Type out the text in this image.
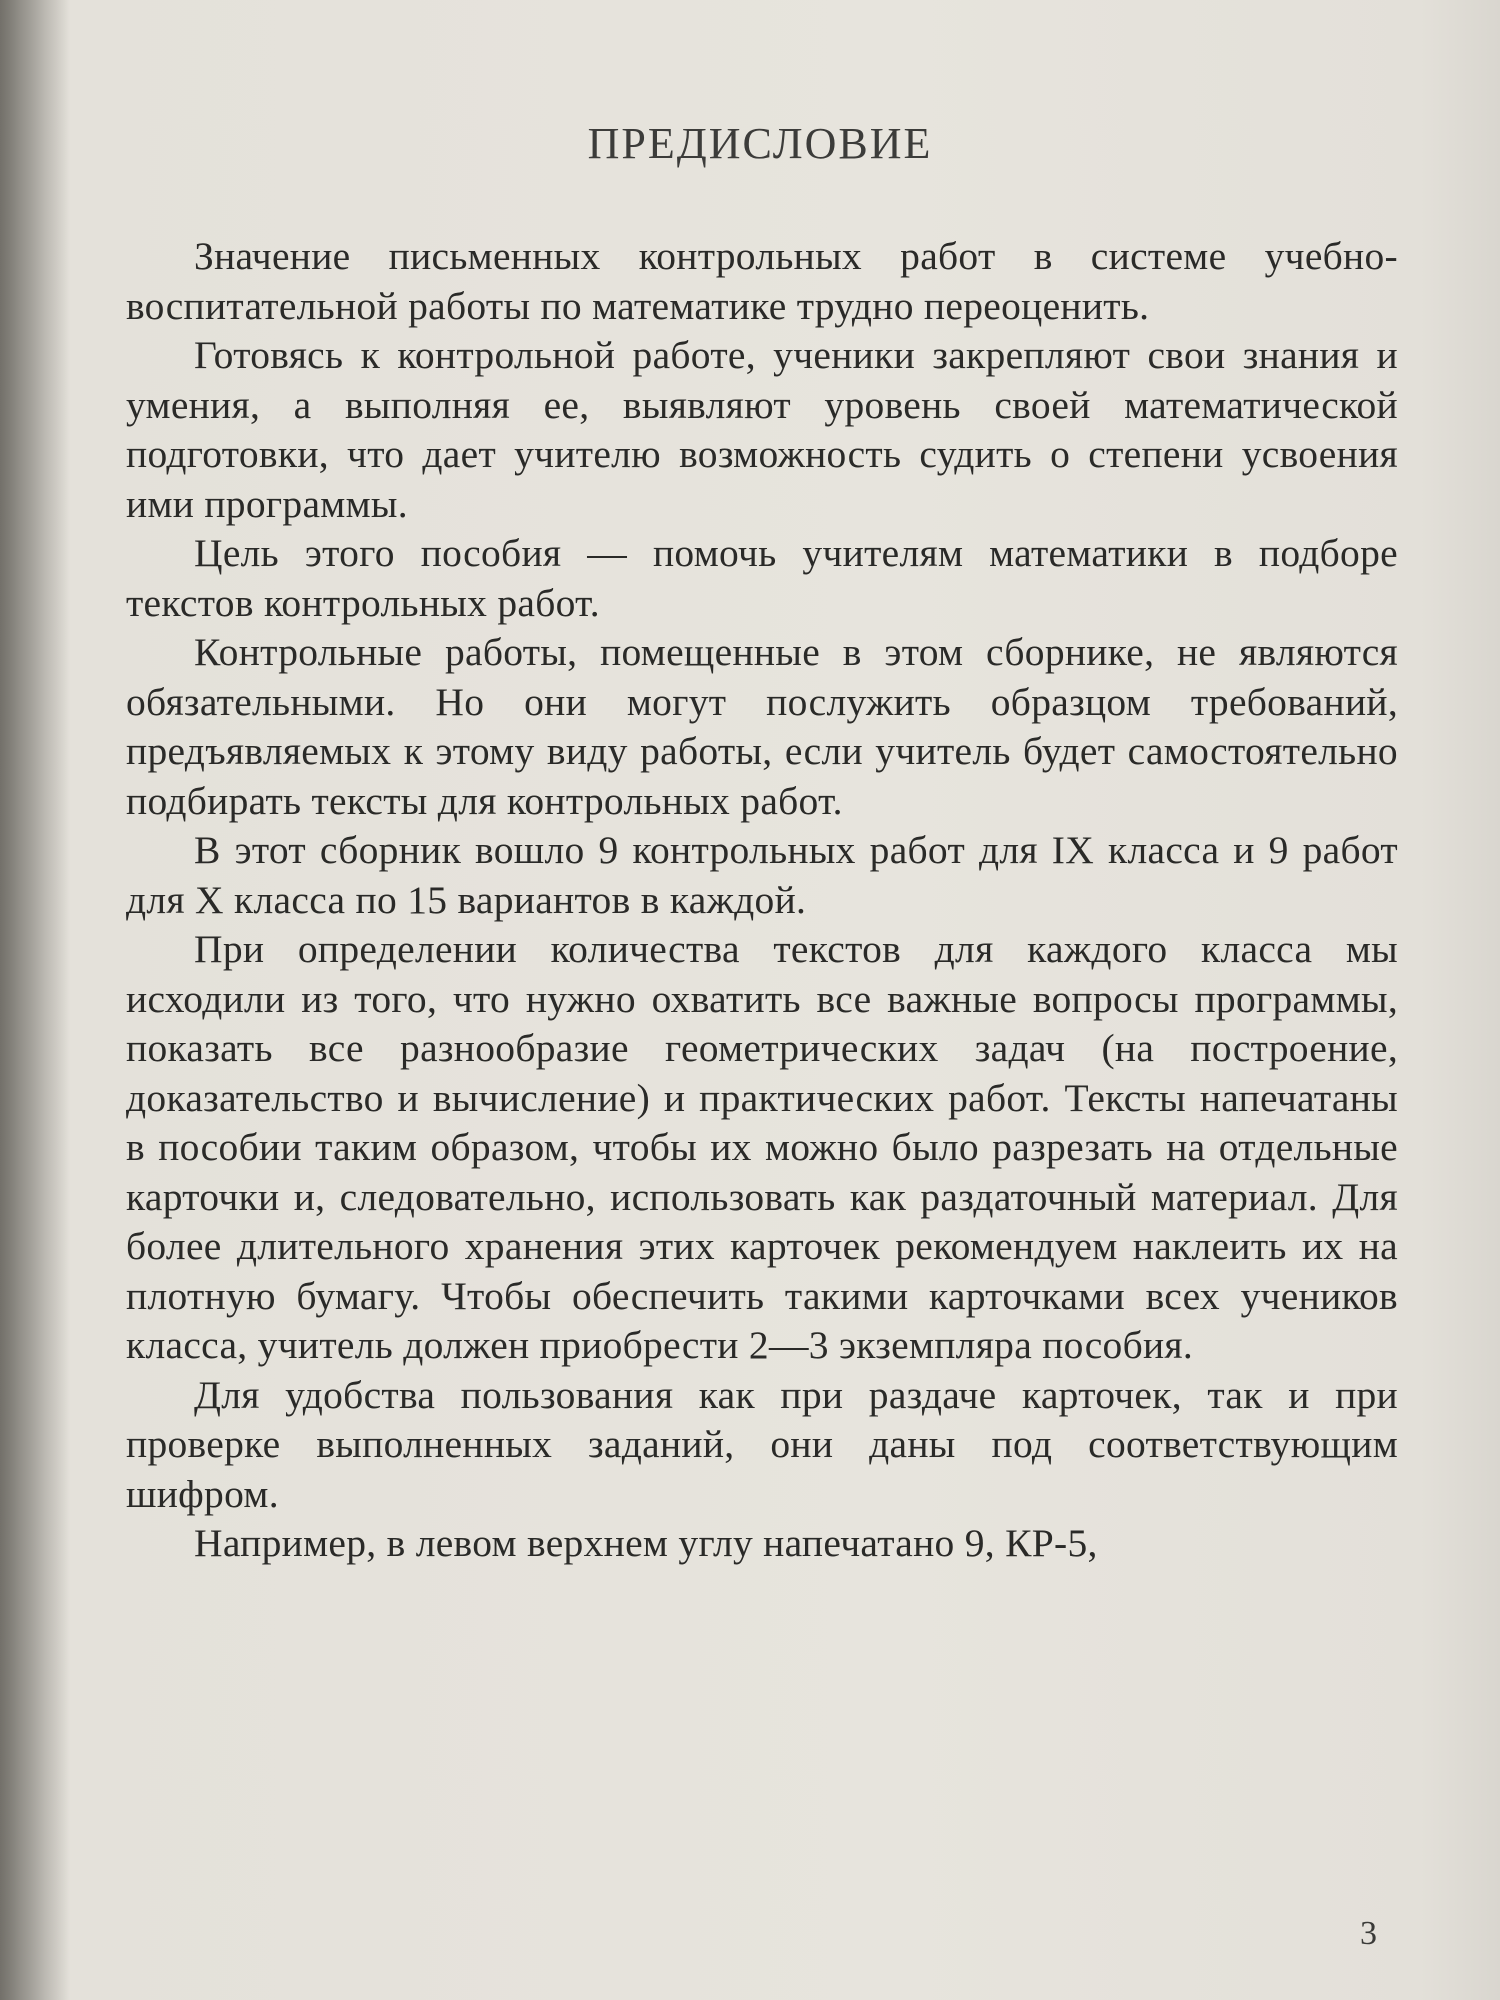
ПРЕДИСЛОВИЕ

Значение письменных контрольных работ в системе учебно-воспитательной работы по математике трудно переоценить.

Готовясь к контрольной работе, ученики закрепляют свои знания и умения, а выполняя ее, выявляют уровень своей математической подготовки, что дает учителю возможность судить о степени усвоения ими программы.

Цель этого пособия — помочь учителям математики в подборе текстов контрольных работ.

Контрольные работы, помещенные в этом сборнике, не являются обязательными. Но они могут послужить образцом требований, предъявляемых к этому виду работы, если учитель будет самостоятельно подбирать тексты для контрольных работ.

В этот сборник вошло 9 контрольных работ для IX класса и 9 работ для X класса по 15 вариантов в каждой.

При определении количества текстов для каждого класса мы исходили из того, что нужно охватить все важные вопросы программы, показать все разнообразие геометрических задач (на построение, доказательство и вычисление) и практических работ. Тексты напечатаны в пособии таким образом, чтобы их можно было разрезать на отдельные карточки и, следовательно, использовать как раздаточный материал. Для более длительного хранения этих карточек рекомендуем наклеить их на плотную бумагу. Чтобы обеспечить такими карточками всех учеников класса, учитель должен приобрести 2—3 экземпляра пособия.

Для удобства пользования как при раздаче карточек, так и при проверке выполненных заданий, они даны под соответствующим шифром.

Например, в левом верхнем углу напечатано 9, КР-5,

3
